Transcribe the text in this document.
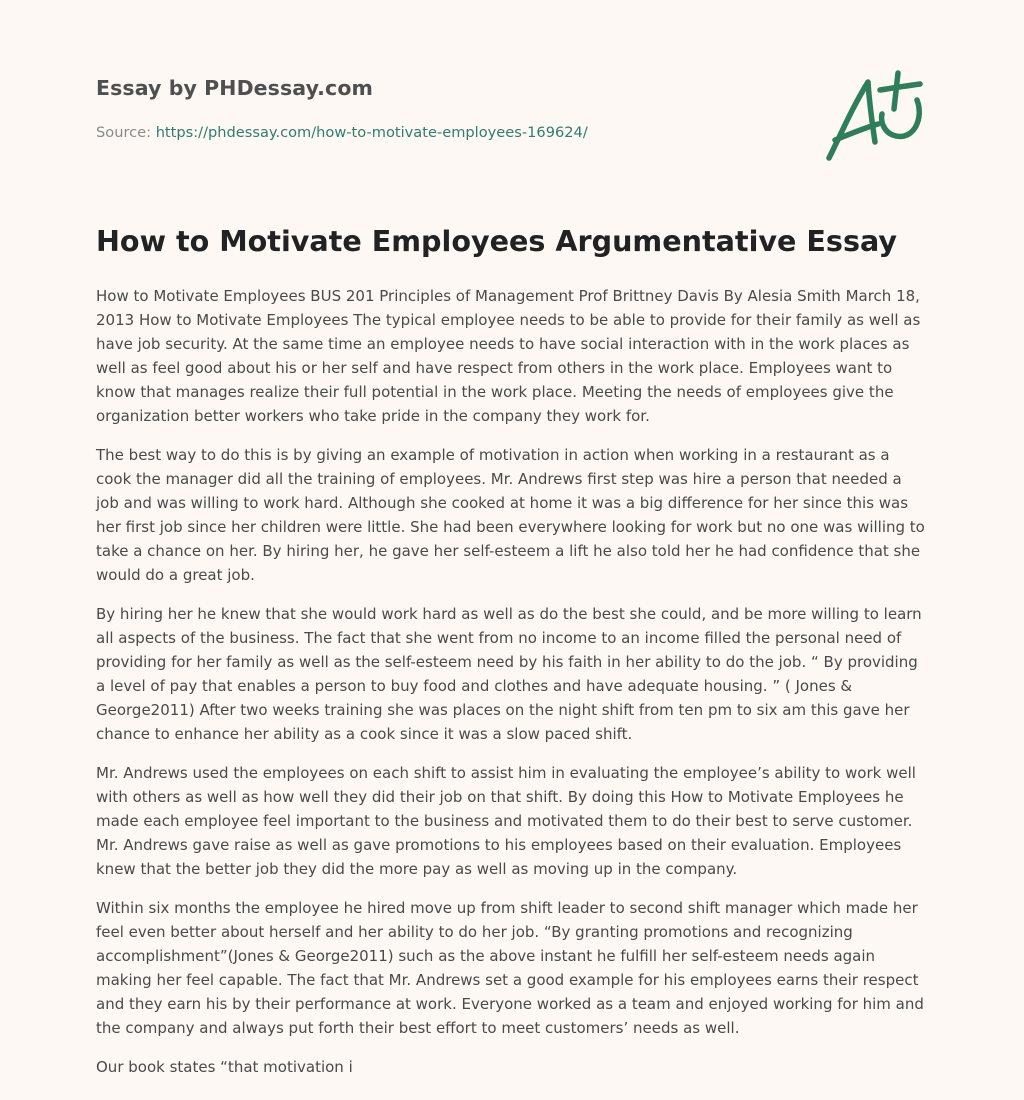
Essay by PHDessay.com

Source: https://phdessay.com/how-to-motivate-employees-169624/

How to Motivate Employees Argumentative Essay

How to Motivate Employees BUS 201 Principles of Management Prof Brittney Davis By Alesia Smith March 18, 2013 How to Motivate Employees The typical employee needs to be able to provide for their family as well as have job security. At the same time an employee needs to have social interaction with in the work places as well as feel good about his or her self and have respect from others in the work place. Employees want to know that manages realize their full potential in the work place. Meeting the needs of employees give the organization better workers who take pride in the company they work for.

The best way to do this is by giving an example of motivation in action when working in a restaurant as a cook the manager did all the training of employees. Mr. Andrews first step was hire a person that needed a job and was willing to work hard. Although she cooked at home it was a big difference for her since this was her first job since her children were little. She had been everywhere looking for work but no one was willing to take a chance on her. By hiring her, he gave her self-esteem a lift he also told her he had confidence that she would do a great job.

By hiring her he knew that she would work hard as well as do the best she could, and be more willing to learn all aspects of the business. The fact that she went from no income to an income filled the personal need of providing for her family as well as the self-esteem need by his faith in her ability to do the job. “ By providing a level of pay that enables a person to buy food and clothes and have adequate housing. ” ( Jones & George2011) After two weeks training she was places on the night shift from ten pm to six am this gave her chance to enhance her ability as a cook since it was a slow paced shift.

Mr. Andrews used the employees on each shift to assist him in evaluating the employee’s ability to work well with others as well as how well they did their job on that shift. By doing this How to Motivate Employees he made each employee feel important to the business and motivated them to do their best to serve customer. Mr. Andrews gave raise as well as gave promotions to his employees based on their evaluation. Employees knew that the better job they did the more pay as well as moving up in the company.

Within six months the employee he hired move up from shift leader to second shift manager which made her feel even better about herself and her ability to do her job. “By granting promotions and recognizing accomplishment”(Jones & George2011) such as the above instant he fulfill her self-esteem needs again making her feel capable. The fact that Mr. Andrews set a good example for his employees earns their respect and they earn his by their performance at work. Everyone worked as a team and enjoyed working for him and the company and always put forth their best effort to meet customers’ needs as well.

Our book states “that motivation i
